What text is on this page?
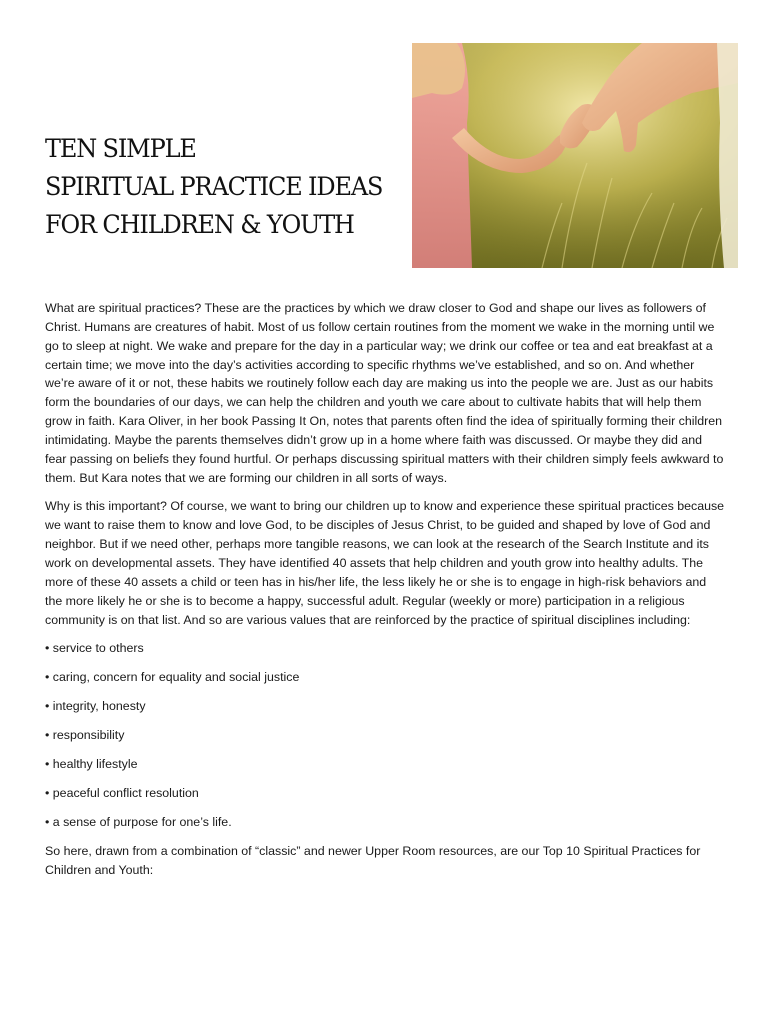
TEN SIMPLE
SPIRITUAL PRACTICE IDEAS
FOR CHILDREN & YOUTH

What are spiritual practices? These are the practices by which we draw closer to God and shape our lives as followers of Christ. Humans are creatures of habit. Most of us follow certain routines from the moment we wake in the morning until we go to sleep at night. We wake and prepare for the day in a particular way; we drink our coffee or tea and eat breakfast at a certain time; we move into the day’s activities according to specific rhythms we’ve established, and so on. And whether we’re aware of it or not, these habits we routinely follow each day are making us into the people we are. Just as our habits form the boundaries of our days, we can help the children and youth we care about to cultivate habits that will help them grow in faith. Kara Oliver, in her book Passing It On, notes that parents often find the idea of spiritually forming their children intimidating. Maybe the parents themselves didn’t grow up in a home where faith was discussed. Or maybe they did and fear passing on beliefs they found hurtful. Or perhaps discussing spiritual matters with their children simply feels awkward to them. But Kara notes that we are forming our children in all sorts of ways.

Why is this important? Of course, we want to bring our children up to know and experience these spiritual practices because we want to raise them to know and love God, to be disciples of Jesus Christ, to be guided and shaped by love of God and neighbor. But if we need other, perhaps more tangible reasons, we can look at the research of the Search Institute and its work on developmental assets. They have identified 40 assets that help children and youth grow into healthy adults. The more of these 40 assets a child or teen has in his/her life, the less likely he or she is to engage in high-risk behaviors and the more likely he or she is to become a happy, successful adult. Regular (weekly or more) participation in a religious community is on that list. And so are various values that are reinforced by the practice of spiritual disciplines including:

• service to others

• caring, concern for equality and social justice

• integrity, honesty

• responsibility

• healthy lifestyle

• peaceful conflict resolution

• a sense of purpose for one’s life.

So here, drawn from a combination of “classic” and newer Upper Room resources, are our Top 10 Spiritual Practices for Children and Youth:
